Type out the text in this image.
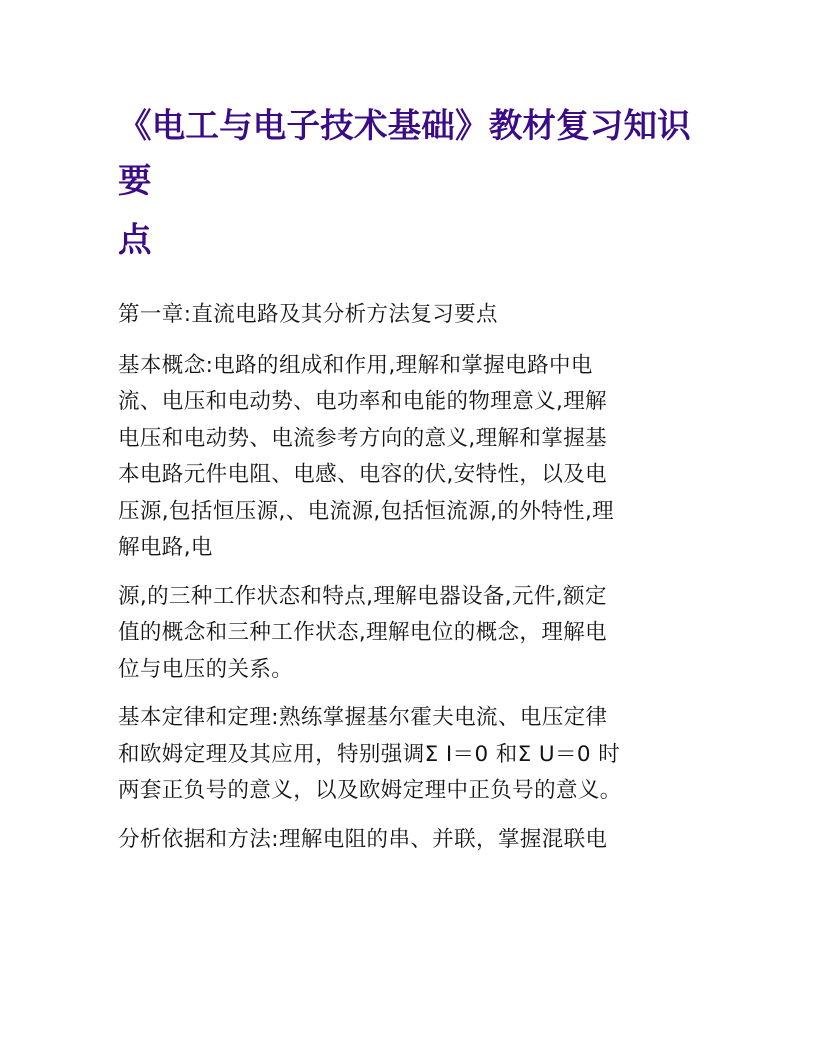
《电工与电子技术基础》教材复习知识
要
点

第一章:直流电路及其分析方法复习要点

基本概念:电路的组成和作用,理解和掌握电路中电
流、电压和电动势、电功率和电能的物理意义,理解
电压和电动势、电流参考方向的意义,理解和掌握基
本电路元件电阻、电感、电容的伏,安特性，以及电
压源,包括恒压源,、电流源,包括恒流源,的外特性,理
解电路,电

源,的三种工作状态和特点,理解电器设备,元件,额定
值的概念和三种工作状态,理解电位的概念，理解电
位与电压的关系。

基本定律和定理:熟练掌握基尔霍夫电流、电压定律
和欧姆定理及其应用，特别强调Σ I＝0 和Σ U＝0 时
两套正负号的意义，以及欧姆定理中正负号的意义。

分析依据和方法:理解电阻的串、并联，掌握混联电
